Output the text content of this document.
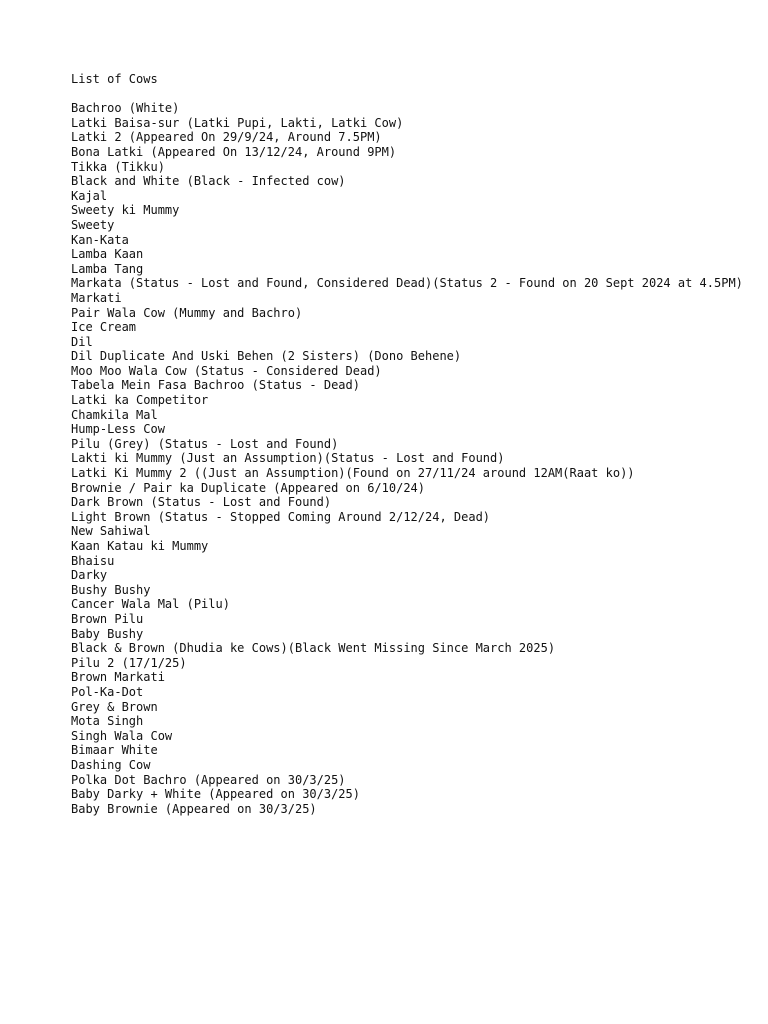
List of Cows
Bachroo (White)
Latki Baisa-sur (Latki Pupi, Lakti, Latki Cow)
Latki 2 (Appeared On 29/9/24, Around 7.5PM)
Bona Latki (Appeared On 13/12/24, Around 9PM)
Tikka (Tikku)
Black and White (Black - Infected cow)
Kajal
Sweety ki Mummy
Sweety
Kan-Kata
Lamba Kaan
Lamba Tang
Markata (Status - Lost and Found, Considered Dead)(Status 2 - Found on 20 Sept 2024 at 4.5PM)
Markati
Pair Wala Cow (Mummy and Bachro)
Ice Cream
Dil
Dil Duplicate And Uski Behen (2 Sisters) (Dono Behene)
Moo Moo Wala Cow (Status - Considered Dead)
Tabela Mein Fasa Bachroo (Status - Dead)
Latki ka Competitor
Chamkila Mal
Hump-Less Cow
Pilu (Grey) (Status - Lost and Found)
Lakti ki Mummy (Just an Assumption)(Status - Lost and Found)
Latki Ki Mummy 2 ((Just an Assumption)(Found on 27/11/24 around 12AM(Raat ko))
Brownie / Pair ka Duplicate (Appeared on 6/10/24)
Dark Brown (Status - Lost and Found)
Light Brown (Status - Stopped Coming Around 2/12/24, Dead)
New Sahiwal
Kaan Katau ki Mummy
Bhaisu
Darky
Bushy Bushy
Cancer Wala Mal (Pilu)
Brown Pilu
Baby Bushy
Black & Brown (Dhudia ke Cows)(Black Went Missing Since March 2025)
Pilu 2 (17/1/25)
Brown Markati
Pol-Ka-Dot
Grey & Brown
Mota Singh
Singh Wala Cow
Bimaar White
Dashing Cow
Polka Dot Bachro (Appeared on 30/3/25)
Baby Darky + White (Appeared on 30/3/25)
Baby Brownie (Appeared on 30/3/25)
